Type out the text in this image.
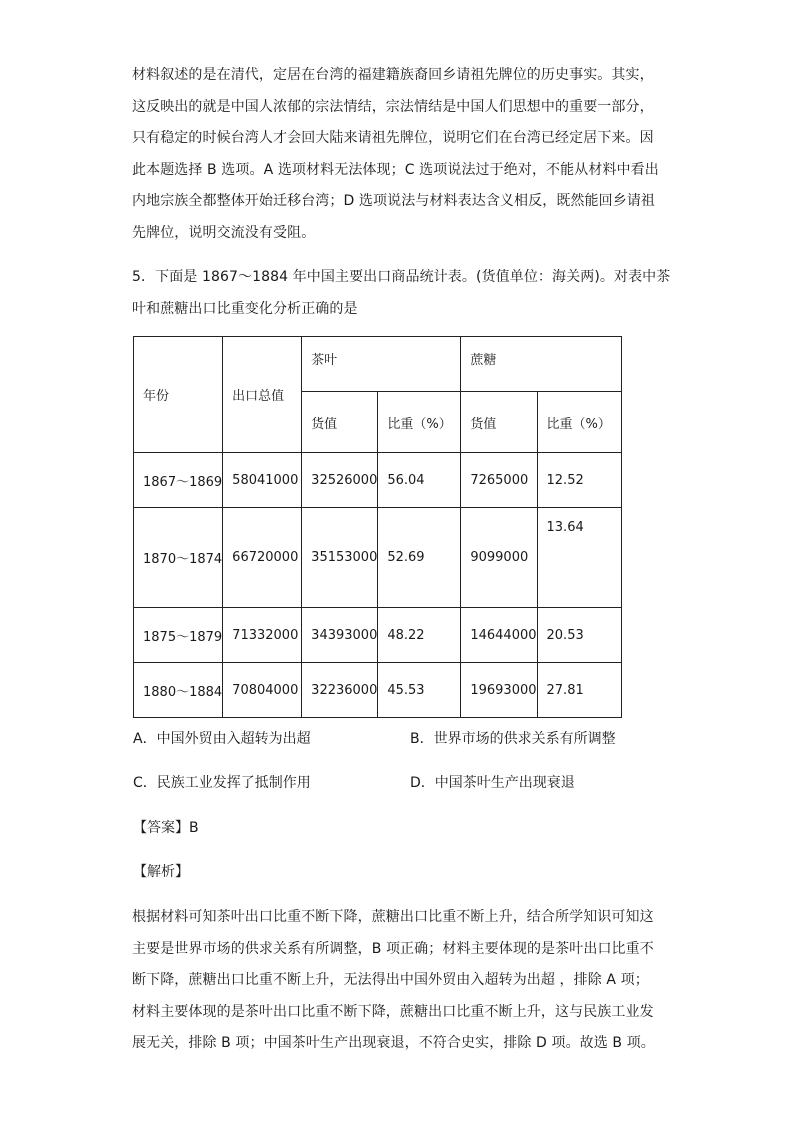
材料叙述的是在清代，定居在台湾的福建籍族裔回乡请祖先牌位的历史事实。其实，
这反映出的就是中国人浓郁的宗法情结，宗法情结是中国人们思想中的重要一部分，
只有稳定的时候台湾人才会回大陆来请祖先牌位，说明它们在台湾已经定居下来。因
此本题选择 B 选项。A 选项材料无法体现；C 选项说法过于绝对，不能从材料中看出
内地宗族全都整体开始迁移台湾；D 选项说法与材料表达含义相反，既然能回乡请祖
先牌位，说明交流没有受阻。
5．下面是 1867～1884 年中国主要出口商品统计表。(货值单位：海关两)。对表中茶
叶和蔗糖出口比重变化分析正确的是
年份	出口总值	茶叶		蔗糖	
		货值	比重（%）	货值	比重（%）
1867～1869	58041000	32526000	56.04	7265000	12.52
1870～1874	66720000	35153000	52.69	9099000	13.64
1875～1879	71332000	34393000	48.22	14644000	20.53
1880～1884	70804000	32236000	45.53	19693000	27.81
A．中国外贸由入超转为出超	B．世界市场的供求关系有所调整
C．民族工业发挥了抵制作用	D．中国茶叶生产出现衰退
【答案】B
【解析】
根据材料可知茶叶出口比重不断下降，蔗糖出口比重不断上升，结合所学知识可知这
主要是世界市场的供求关系有所调整，B 项正确；材料主要体现的是茶叶出口比重不
断下降，蔗糖出口比重不断上升，无法得出中国外贸由入超转为出超 ，排除 A 项；
材料主要体现的是茶叶出口比重不断下降，蔗糖出口比重不断上升，这与民族工业发
展无关，排除 B 项；中国茶叶生产出现衰退，不符合史实，排除 D 项。故选 B 项。
